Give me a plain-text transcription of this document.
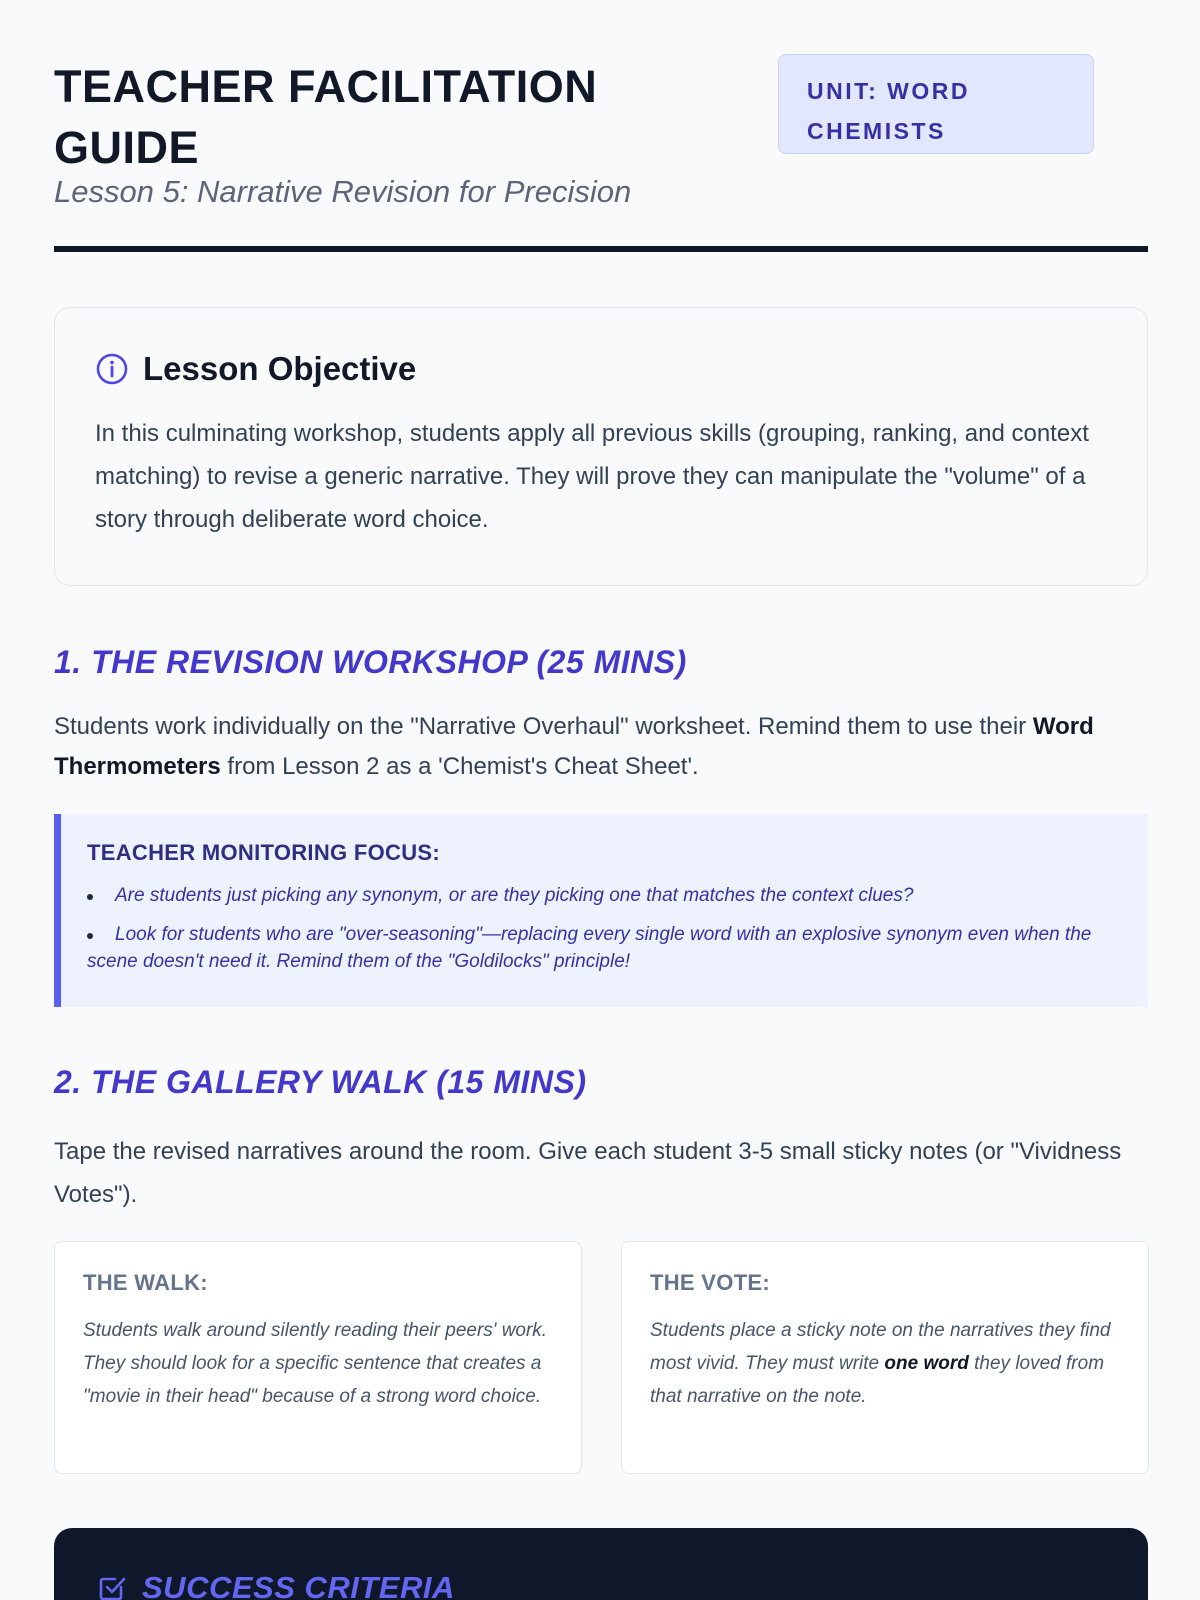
TEACHER FACILITATION GUIDE

Lesson 5: Narrative Revision for Precision

UNIT: WORD CHEMISTS
Lesson Objective
In this culminating workshop, students apply all previous skills (grouping, ranking, and context matching) to revise a generic narrative. They will prove they can manipulate the "volume" of a story through deliberate word choice.
1. THE REVISION WORKSHOP (25 MINS)

Students work individually on the "Narrative Overhaul" worksheet. Remind them to use their Word Thermometers from Lesson 2 as a 'Chemist's Cheat Sheet'.

TEACHER MONITORING FOCUS:
Are students just picking any synonym, or are they picking one that matches the context clues?
Look for students who are "over-seasoning"—replacing every single word with an explosive synonym even when the scene doesn't need it. Remind them of the "Goldilocks" principle!
2. THE GALLERY WALK (15 MINS)

Tape the revised narratives around the room. Give each student 3-5 small sticky notes (or "Vividness Votes").

THE WALK:
Students walk around silently reading their peers' work. They should look for a specific sentence that creates a "movie in their head" because of a strong word choice.
THE VOTE:
Students place a sticky note on the narratives they find most vivid. They must write one word they loved from that narrative on the note.
SUCCESS CRITERIA
